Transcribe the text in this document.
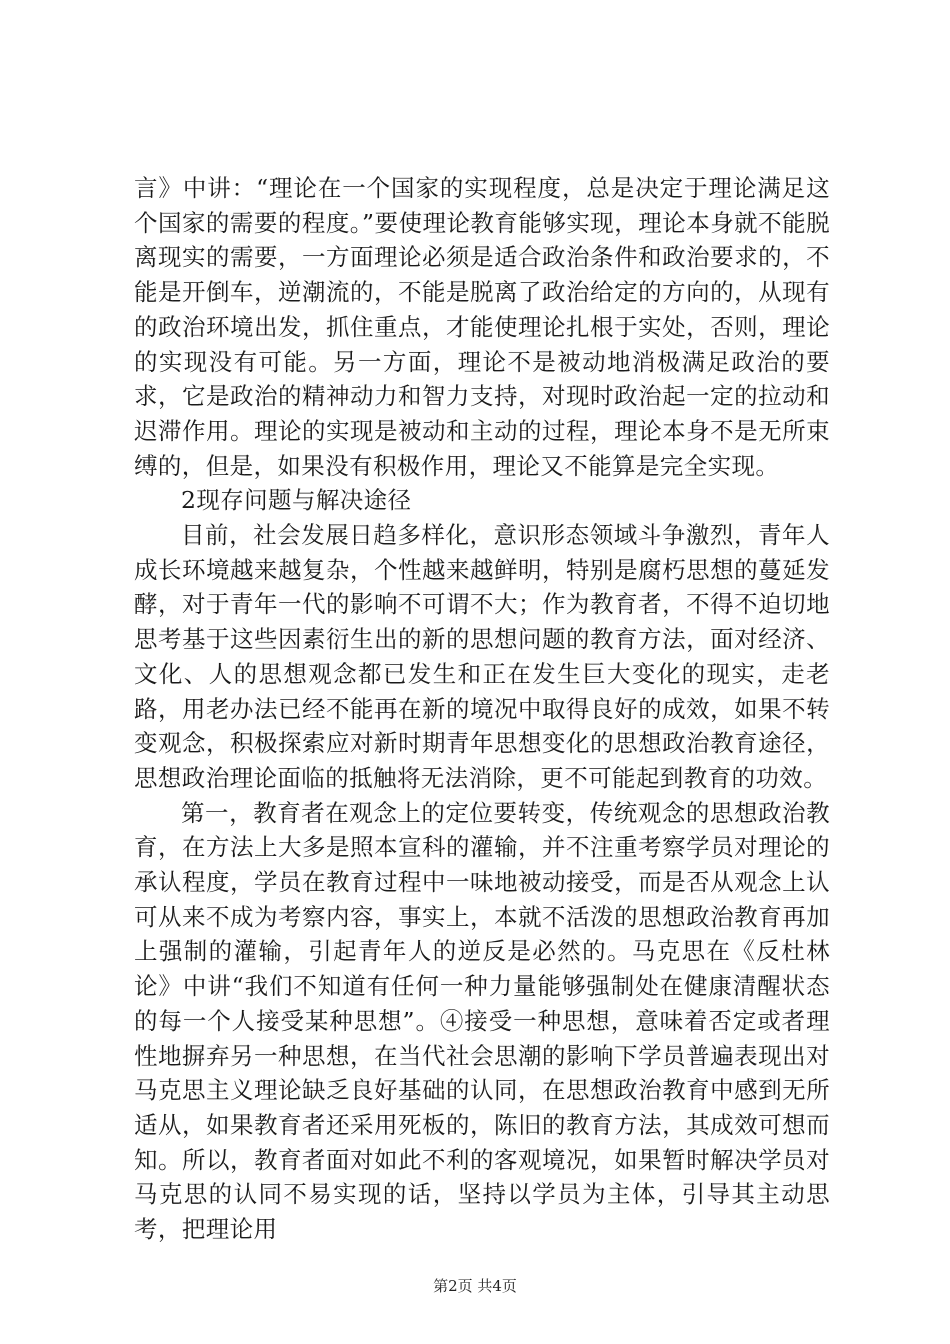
言》中讲：“理论在一个国家的实现程度，总是决定于理论满足这个国家的需要的程度。”要使理论教育能够实现，理论本身就不能脱离现实的需要，一方面理论必须是适合政治条件和政治要求的，不能是开倒车，逆潮流的，不能是脱离了政治给定的方向的，从现有的政治环境出发，抓住重点，才能使理论扎根于实处，否则，理论的实现没有可能。另一方面，理论不是被动地消极满足政治的要求，它是政治的精神动力和智力支持，对现时政治起一定的拉动和迟滞作用。理论的实现是被动和主动的过程，理论本身不是无所束缚的，但是，如果没有积极作用，理论又不能算是完全实现。

2现存问题与解决途径

目前，社会发展日趋多样化，意识形态领域斗争激烈，青年人成长环境越来越复杂，个性越来越鲜明，特别是腐朽思想的蔓延发酵，对于青年一代的影响不可谓不大；作为教育者，不得不迫切地思考基于这些因素衍生出的新的思想问题的教育方法，面对经济、文化、人的思想观念都已发生和正在发生巨大变化的现实，走老路，用老办法已经不能再在新的境况中取得良好的成效，如果不转变观念，积极探索应对新时期青年思想变化的思想政治教育途径，思想政治理论面临的抵触将无法消除，更不可能起到教育的功效。

第一，教育者在观念上的定位要转变，传统观念的思想政治教育，在方法上大多是照本宣科的灌输，并不注重考察学员对理论的承认程度，学员在教育过程中一味地被动接受，而是否从观念上认可从来不成为考察内容，事实上，本就不活泼的思想政治教育再加上强制的灌输，引起青年人的逆反是必然的。马克思在《反杜林论》中讲“我们不知道有任何一种力量能够强制处在健康清醒状态的每一个人接受某种思想”。④接受一种思想，意味着否定或者理性地摒弃另一种思想，在当代社会思潮的影响下学员普遍表现出对马克思主义理论缺乏良好基础的认同，在思想政治教育中感到无所适从，如果教育者还采用死板的，陈旧的教育方法，其成效可想而知。所以，教育者面对如此不利的客观境况，如果暂时解决学员对马克思的认同不易实现的话，坚持以学员为主体，引导其主动思考，把理论用

第2页 共4页
